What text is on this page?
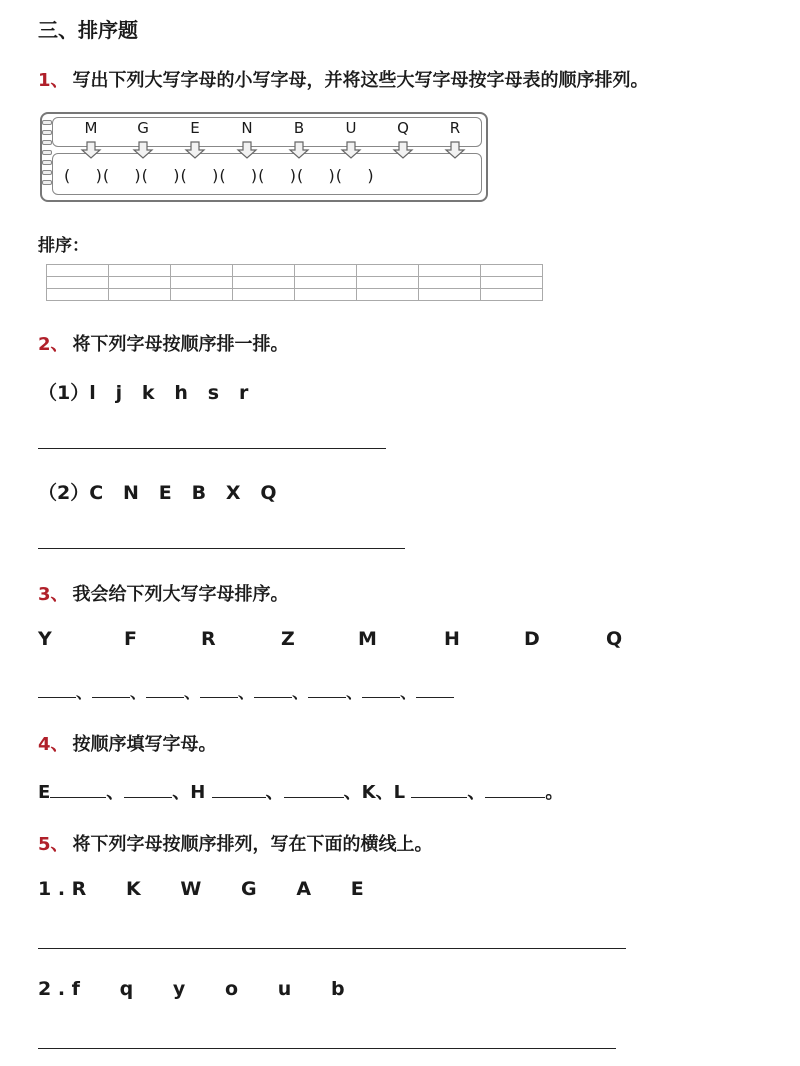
三、排序题
1、 写出下列大写字母的小写字母，并将这些大写字母按字母表的顺序排列。
M	G	E	N	B	U	Q	R
(    )(    )(    )(    )(    )(    )(    )(    )
排序：

2、 将下列字母按顺序排一排。
（1）l   j   k   h   s   r
（2）C   N   E   B   X   Q
3、 我会给下列大写字母排序。
Y	F	R	Z	M	H	D	Q
、 、 、 、 、 、 、
4、 按顺序填写字母。
E	、	、H	、	、K、L	、	。
5、 将下列字母按顺序排列，写在下面的横线上。
1 . R      K      W      G      A      E
2 . f      q      y      o      u      b
